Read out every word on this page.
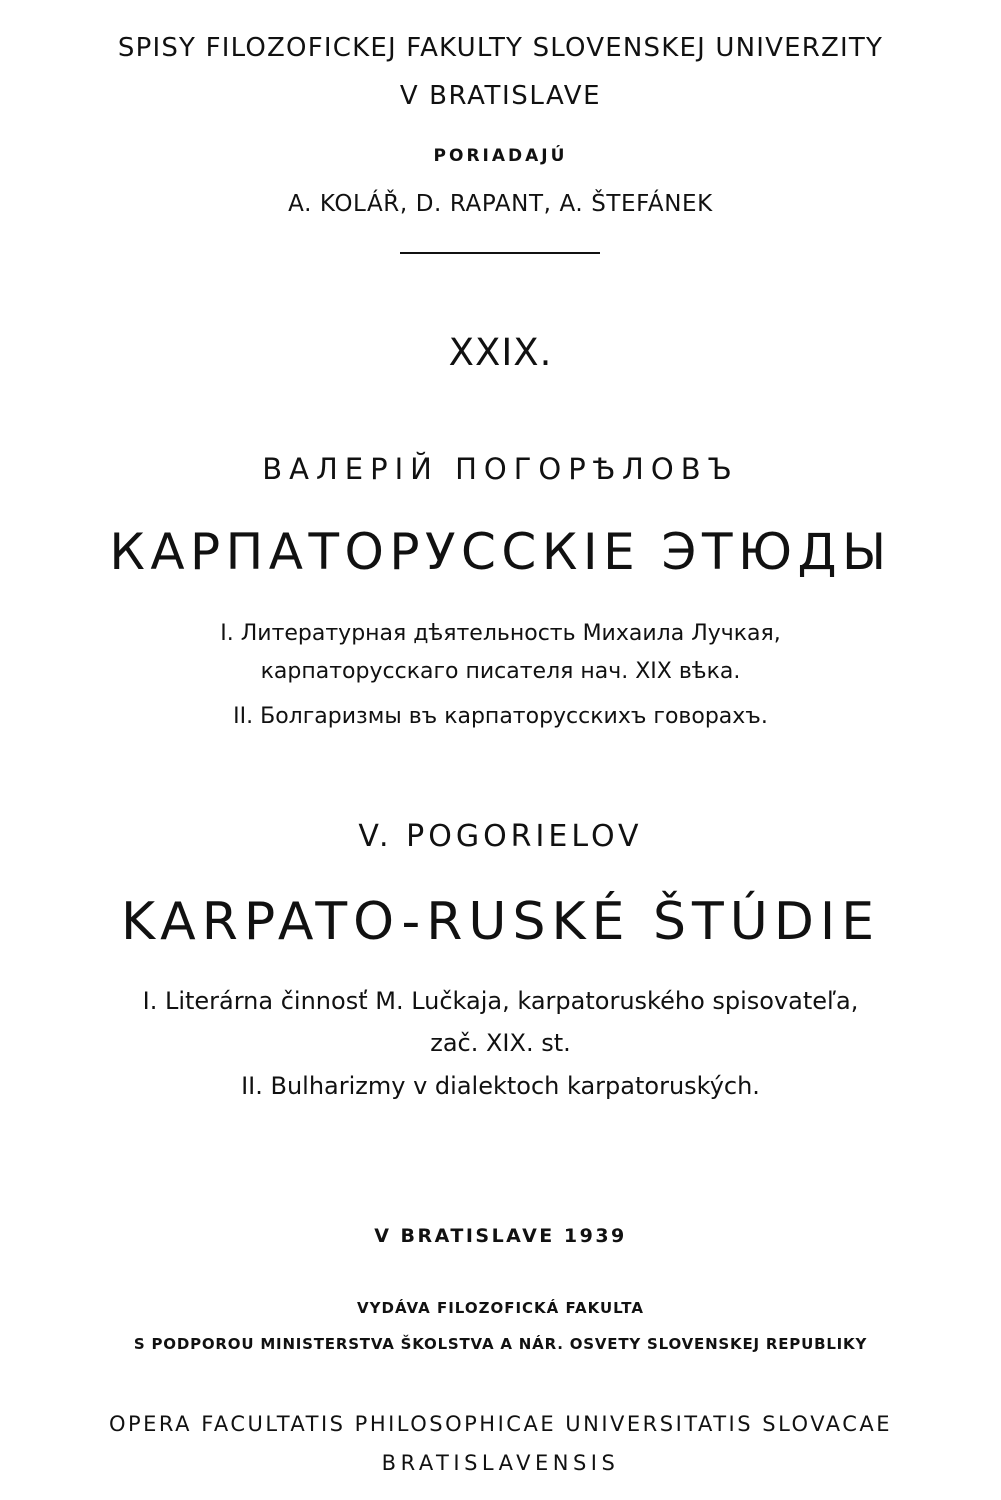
SPISY FILOZOFICKEJ FAKULTY SLOVENSKEJ UNIVERZITY
V BRATISLAVE
PORIADAJÚ
A. KOLÁŘ, D. RAPANT, A. ŠTEFÁNEK
XXIX.
ВАЛЕРІЙ ПОГОРѢЛОВЪ
КАРПАТОРУССКІЕ ЭТЮДЫ
I. Литературная дѣятельность Михаила Лучкая,
карпаторусскаго писателя нач. XIX вѣка.
II. Болгаризмы въ карпаторусскихъ говорахъ.
V. POGORIELOV
KARPATO-RUSKÉ ŠTÚDIE
I. Literárna činnosť M. Lučkaja, karpatoruského spisovateľa,
zač. XIX. st.
II. Bulharizmy v dialektoch karpatoruských.
V BRATISLAVE 1939
VYDÁVA FILOZOFICKÁ FAKULTA
S PODPOROU MINISTERSTVA ŠKOLSTVA A NÁR. OSVETY SLOVENSKEJ REPUBLIKY
OPERA FACULTATIS PHILOSOPHICAE UNIVERSITATIS SLOVACAE
BRATISLAVENSIS
